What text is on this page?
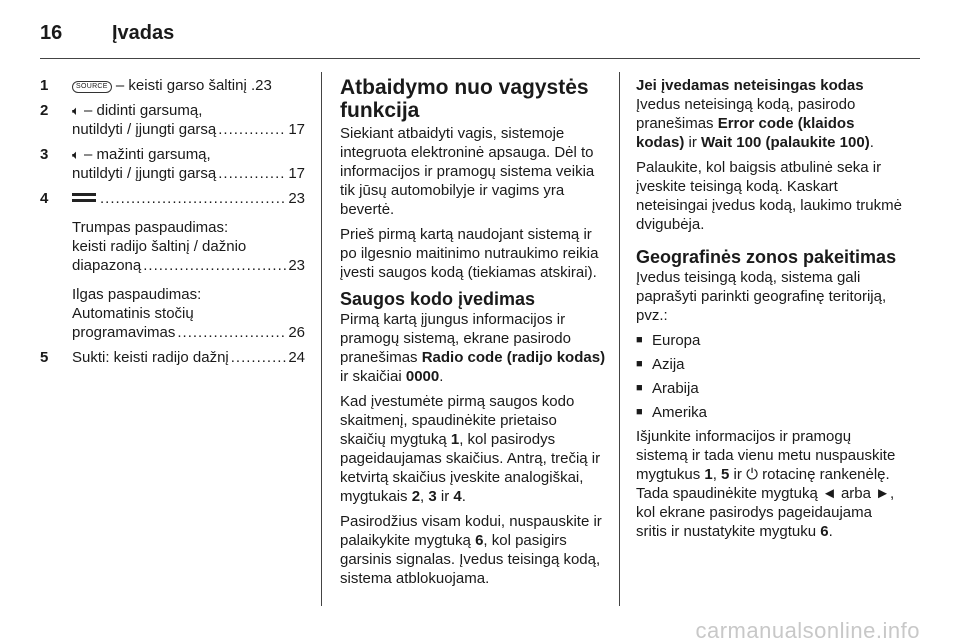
16 Įvadas
1	SOURCE – keisti garso šaltinį . 23
2 🔈︎ – didinti garsumą,
nutildyti / įjungti garsą .....	17
3 🔈︎ – mažinti garsumą,
nutildyti / įjungti garsą .....	17
4 .....	23
Trumpas paspaudimas:
keisti radijo šaltinį / dažnio
diapazoną .....	23
Ilgas paspaudimas:
Automatinis stočių
programavimas .....	26
5 Sukti: keisti radijo dažnį .....	24
Atbaidymo nuo vagystės
funkcija

Siekiant atbaidyti vagis, sistemoje integruota elektroninė apsauga. Dėl to informacijos ir pramogų sistema veikia tik jūsų automobilyje ir vagims yra bevertė.

Prieš pirmą kartą naudojant sistemą ir po ilgesnio maitinimo nutraukimo reikia įvesti saugos kodą (tiekiamas atskirai).

Saugos kodo įvedimas

Pirmą kartą įjungus informacijos ir pramogų sistemą, ekrane pasirodo pranešimas Radio code (radijo kodas) ir skaičiai 0000.

Kad įvestumėte pirmą saugos kodo skaitmenį, spaudinėkite prietaiso skaičių mygtuką 1, kol pasirodys pageidaujamas skaičius. Antrą, trečią ir ketvirtą skaičius įveskite analogiškai, mygtukais 2, 3 ir 4.

Pasirodžius visam kodui, nuspauskite ir palaikykite mygtuką 6, kol pasigirs garsinis signalas. Įvedus teisingą kodą, sistema atblokuojama.

Jei įvedamas neteisingas kodas

Įvedus neteisingą kodą, pasirodo pranešimas Error code (klaidos kodas) ir Wait 100 (palaukite 100).

Palaukite, kol baigsis atbulinė seka ir įveskite teisingą kodą. Kaskart neteisingai įvedus kodą, laukimo trukmė dvigubėja.

Geografinės zonos pakeitimas

Įvedus teisingą kodą, sistema gali paprašyti parinkti geografinę teritoriją, pvz.:

■ Europa
■ Azija
■ Arabija
■ Amerika

Išjunkite informacijos ir pramogų sistemą ir tada vienu metu nuspauskite mygtukus 1, 5 ir ⏻ rotacinę rankenėlę. Tada spaudinėkite mygtuką ◄ arba ►, kol ekrane pasirodys pageidaujama sritis ir nustatykite mygtuku 6.

carmanualsonline.info
